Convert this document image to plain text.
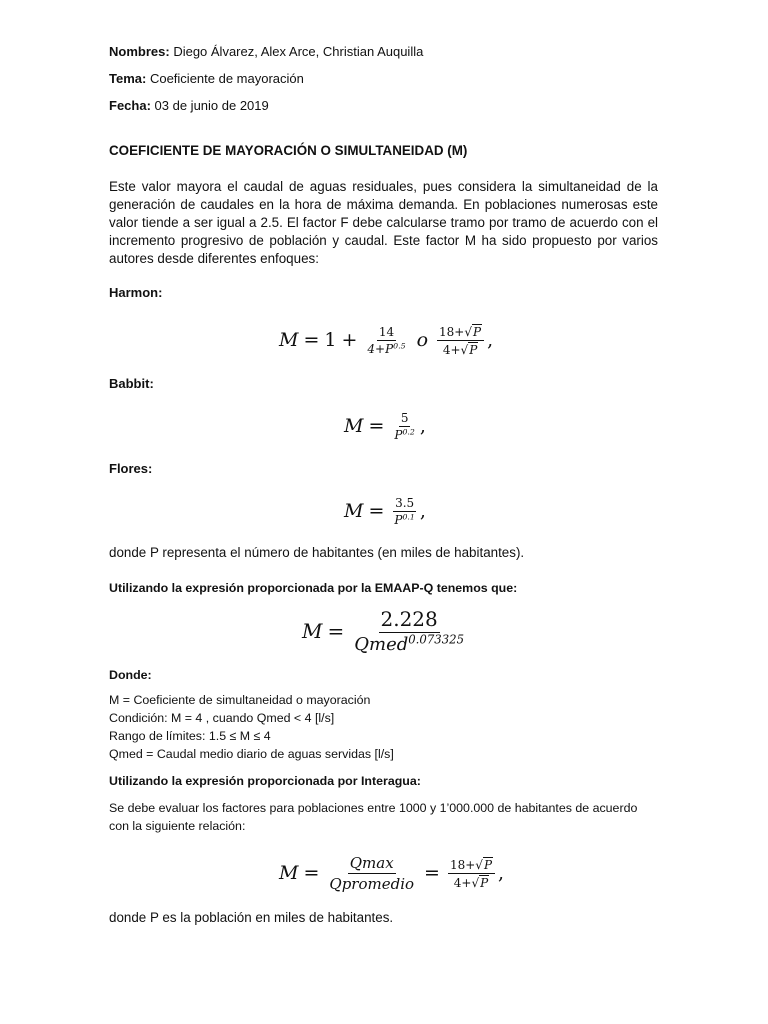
Nombres: Diego Álvarez, Alex Arce, Christian Auquilla
Tema: Coeficiente de mayoración
Fecha: 03 de junio de 2019
COEFICIENTE DE MAYORACIÓN O SIMULTANEIDAD (M)
Este valor mayora el caudal de aguas residuales, pues considera la simultaneidad de la generación de caudales en la hora de máxima demanda. En poblaciones numerosas este valor tiende a ser igual a 2.5. El factor F debe calcularse tramo por tramo de acuerdo con el incremento progresivo de población y caudal. Este factor M ha sido propuesto por varios autores desde diferentes enfoques:
Harmon:
$M = 1 + \frac{14}{4+P^{0.5}}$ o 18+ √ P
4+ √ P ,
Babbit:
$M = \frac{5}{P^{0.2}}$ ,
Flores:
$M = \frac{3.5}{P^{0.1}}$ ,
donde P representa el número de habitantes (en miles de habitantes).
Utilizando la expresión proporcionada por la EMAAP-Q tenemos que:
M = 2.228
Qmed$^{0.073325}$
Donde:
M = Coeficiente de simultaneidad o mayoración
Condición: M = 4 , cuando Qmed < 4 [l/s]
Rango de límites: 1.5 ≤ M ≤ 4
Qmed = Caudal medio diario de aguas servidas [l/s]
Utilizando la expresión proporcionada por Interagua:
Se debe evaluar los factores para poblaciones entre 1000 y 1’000.000 de habitantes de acuerdo
con la siguiente relación:
M = Qmax
Qpromedio = $\frac{18+ √ P}{4+ √ P}$ ,
donde P es la población en miles de habitantes.
